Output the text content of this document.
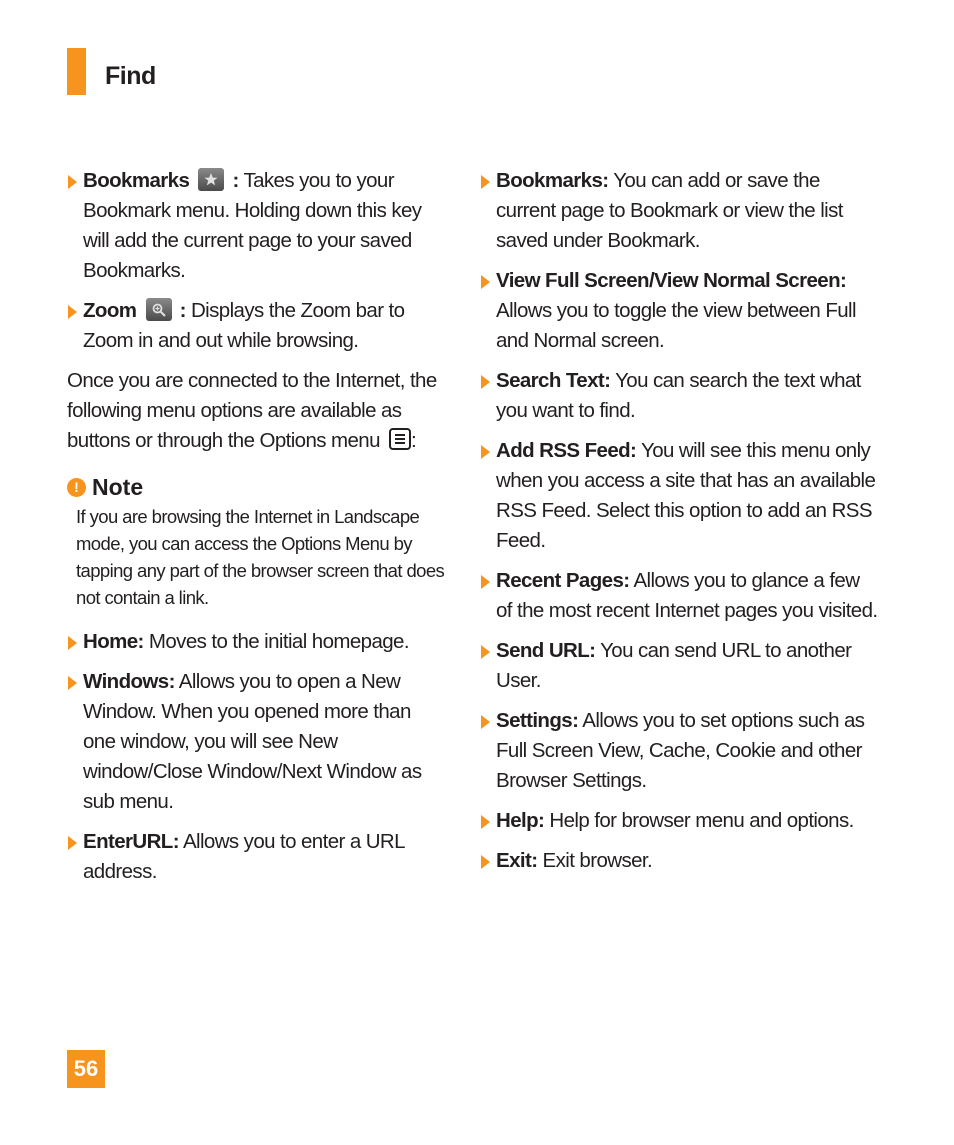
Find
Bookmarks : Takes you to your Bookmark menu. Holding down this key will add the current page to your saved Bookmarks.
Zoom : Displays the Zoom bar to Zoom in and out while browsing.

Once you are connected to the Internet, the following menu options are available as buttons or through the Options menu :

! Note
If you are browsing the Internet in Landscape mode, you can access the Options Menu by tapping any part of the browser screen that does not contain a link.
Home: Moves to the initial homepage.
Windows: Allows you to open a New Window. When you opened more than one window, you will see New window/Close Window/Next Window as sub menu.
EnterURL: Allows you to enter a URL address.
Bookmarks: You can add or save the current page to Bookmark or view the list saved under Bookmark.
View Full Screen/View Normal Screen: Allows you to toggle the view between Full and Normal screen.
Search Text: You can search the text what you want to find.
Add RSS Feed: You will see this menu only when you access a site that has an available RSS Feed. Select this option to add an RSS Feed.
Recent Pages: Allows you to glance a few of the most recent Internet pages you visited.
Send URL: You can send URL to another User.
Settings: Allows you to set options such as Full Screen View, Cache, Cookie and other Browser Settings.
Help: Help for browser menu and options.
Exit: Exit browser.
56
